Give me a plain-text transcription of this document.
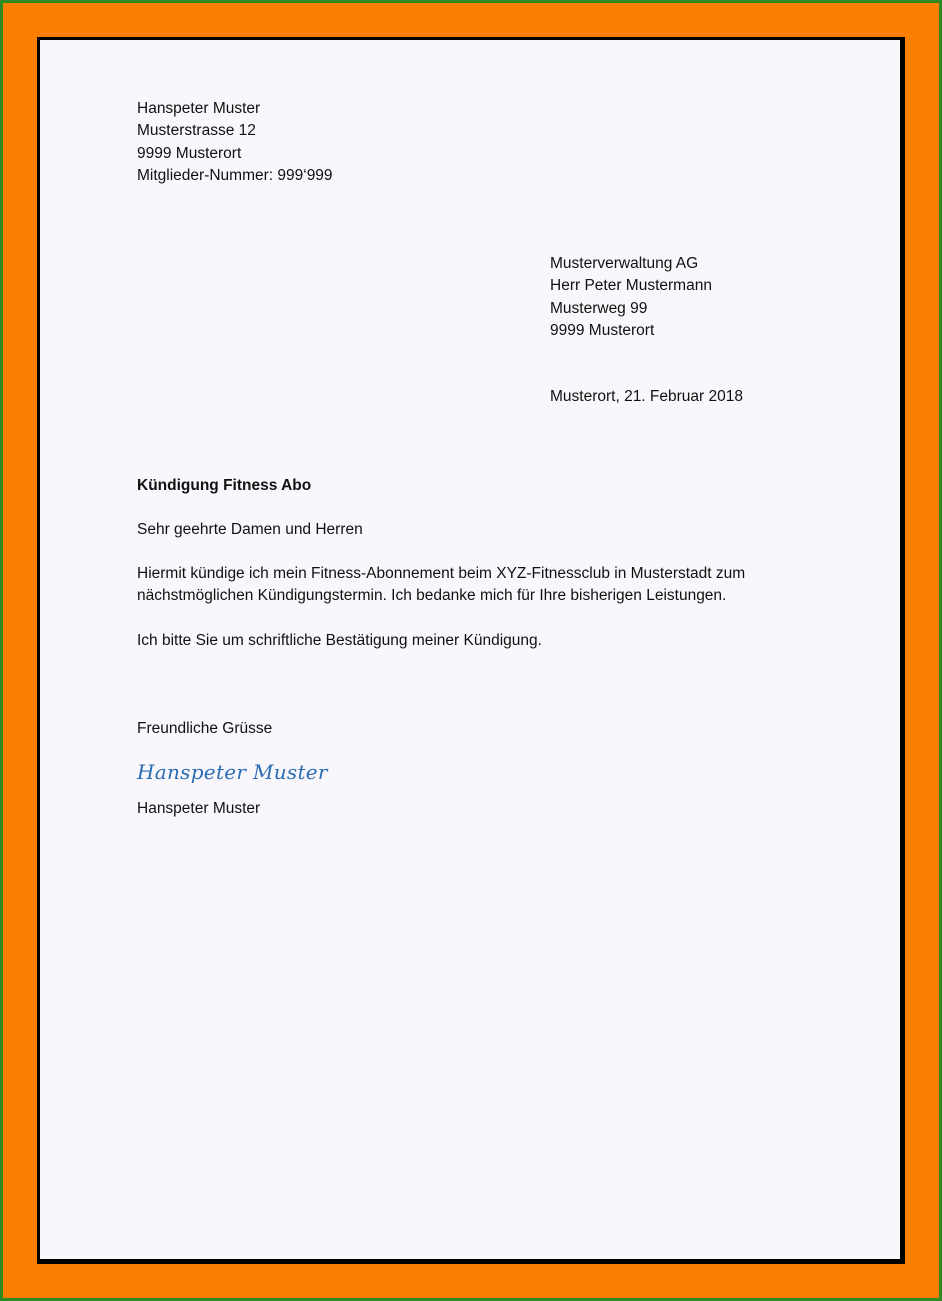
Hanspeter Muster
Musterstrasse 12
9999 Musterort
Mitglieder-Nummer: 999‘999
Musterverwaltung AG
Herr Peter Mustermann
Musterweg 99
9999 Musterort
Musterort, 21. Februar 2018
Kündigung Fitness Abo
Sehr geehrte Damen und Herren
Hiermit kündige ich mein Fitness-Abonnement beim XYZ-Fitnessclub in Musterstadt zum
nächstmöglichen Kündigungstermin. Ich bedanke mich für Ihre bisherigen Leistungen.
Ich bitte Sie um schriftliche Bestätigung meiner Kündigung.
Freundliche Grüsse
Hanspeter Muster
Hanspeter Muster
